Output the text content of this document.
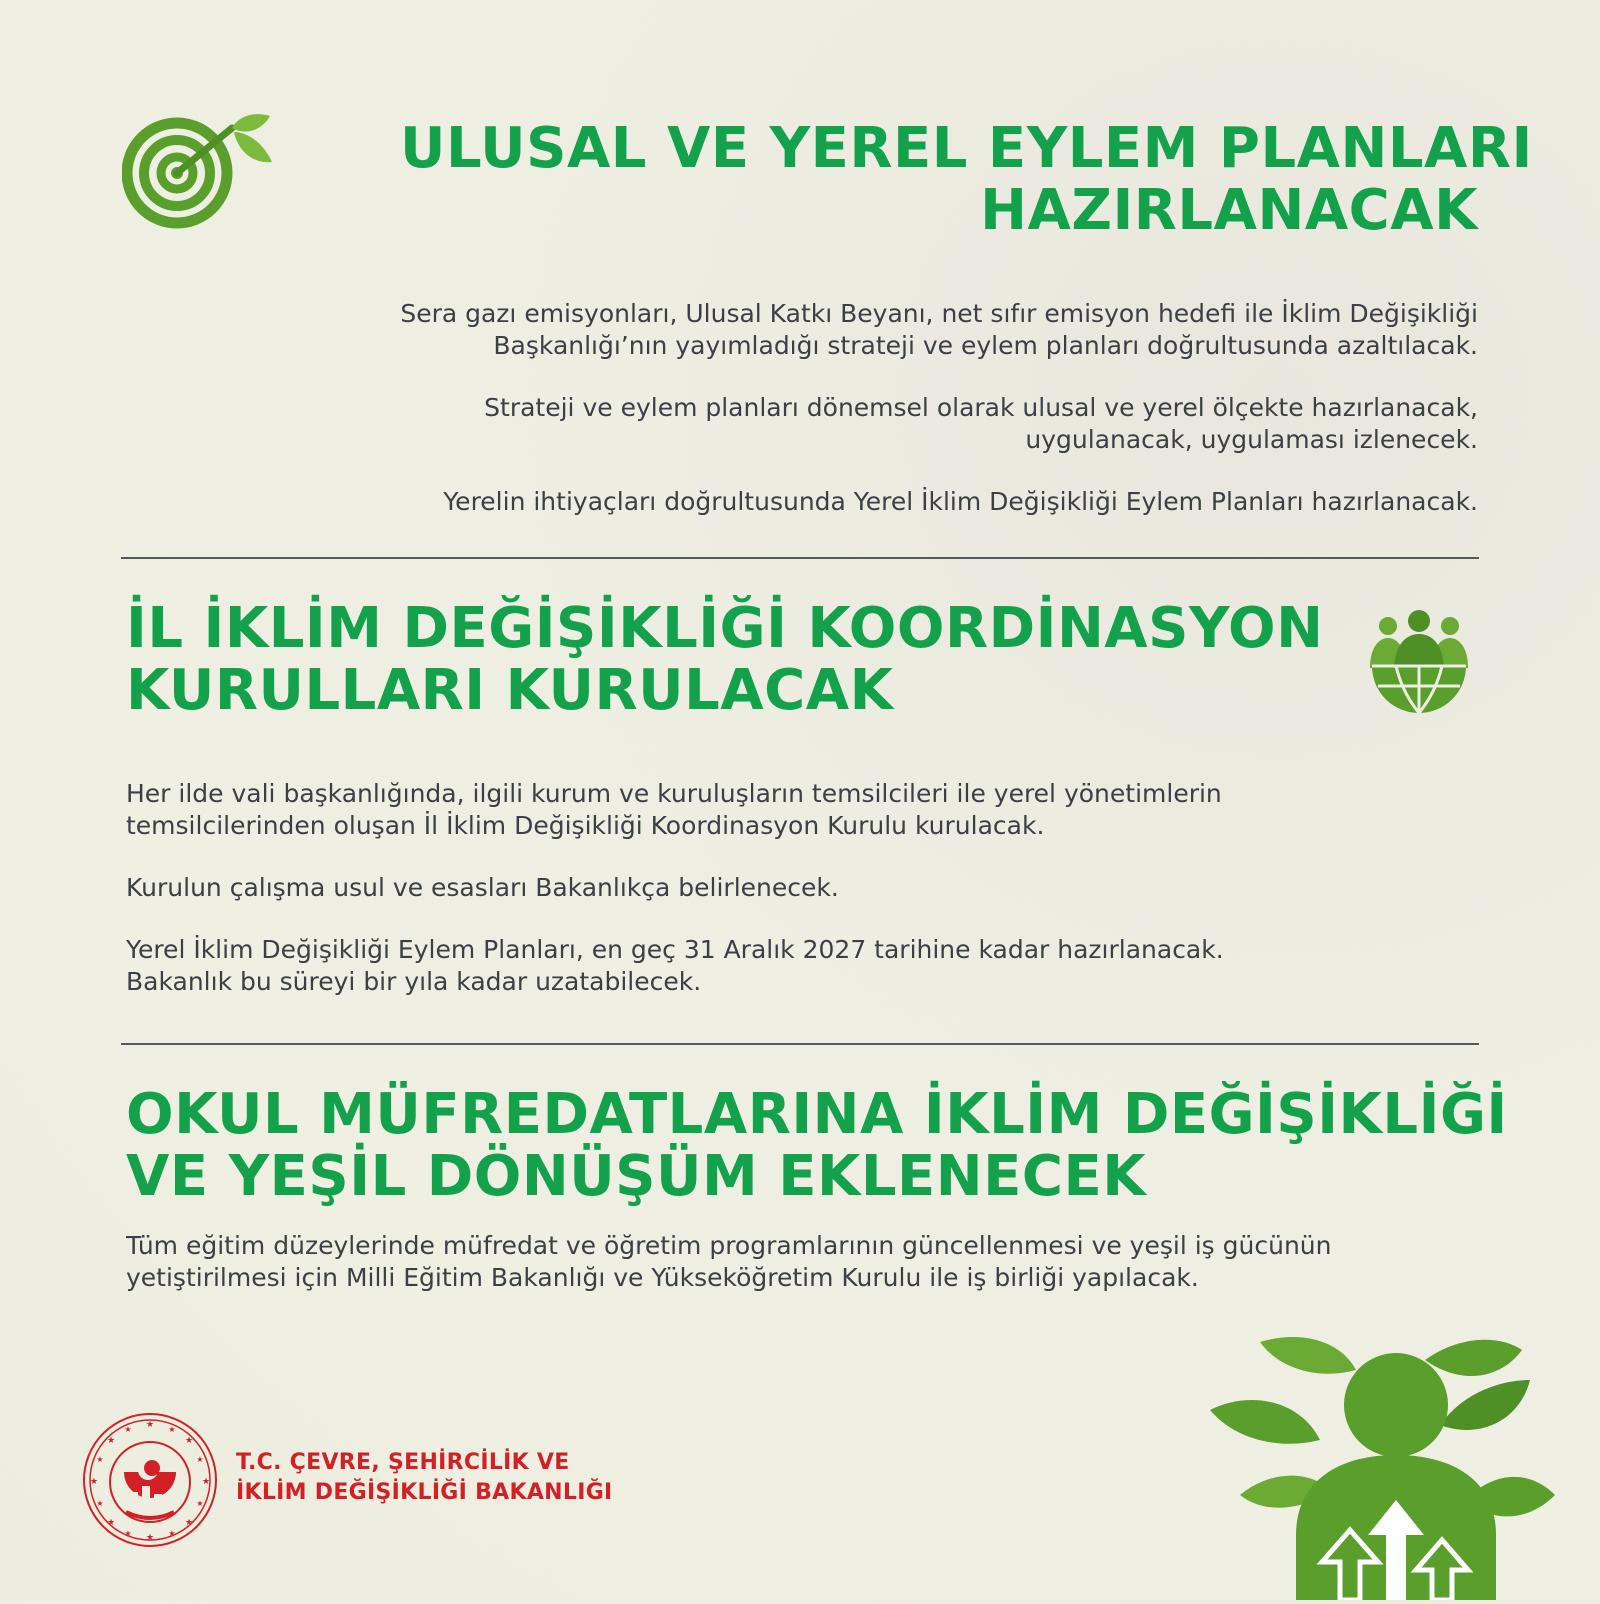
ULUSAL VE YEREL EYLEM PLANLARI
HAZIRLANACAK

Sera gazı emisyonları, Ulusal Katkı Beyanı, net sıfır emisyon hedefi ile İklim Değişikliği
Başkanlığı’nın yayımladığı strateji ve eylem planları doğrultusunda azaltılacak.

Strateji ve eylem planları dönemsel olarak ulusal ve yerel ölçekte hazırlanacak,
uygulanacak, uygulaması izlenecek.

Yerelin ihtiyaçları doğrultusunda Yerel İklim Değişikliği Eylem Planları hazırlanacak.

İL İKLİM DEĞİŞİKLİĞİ KOORDİNASYON
KURULLARI KURULACAK

Her ilde vali başkanlığında, ilgili kurum ve kuruluşların temsilcileri ile yerel yönetimlerin
temsilcilerinden oluşan İl İklim Değişikliği Koordinasyon Kurulu kurulacak.

Kurulun çalışma usul ve esasları Bakanlıkça belirlenecek.

Yerel İklim Değişikliği Eylem Planları, en geç 31 Aralık 2027 tarihine kadar hazırlanacak.
Bakanlık bu süreyi bir yıla kadar uzatabilecek.

OKUL MÜFREDATLARINA İKLİM DEĞİŞİKLİĞİ
VE YEŞİL DÖNÜŞÜM EKLENECEK

Tüm eğitim düzeylerinde müfredat ve öğretim programlarının güncellenmesi ve yeşil iş gücünün
yetiştirilmesi için Milli Eğitim Bakanlığı ve Yükseköğretim Kurulu ile iş birliği yapılacak.

★
★
★	★
★	★
★	★
★	★
★	★
★	★
★	★
T.C. ÇEVRE, ŞEHİRCİLİK VE
İKLİM DEĞİŞİKLİĞİ BAKANLIĞI
